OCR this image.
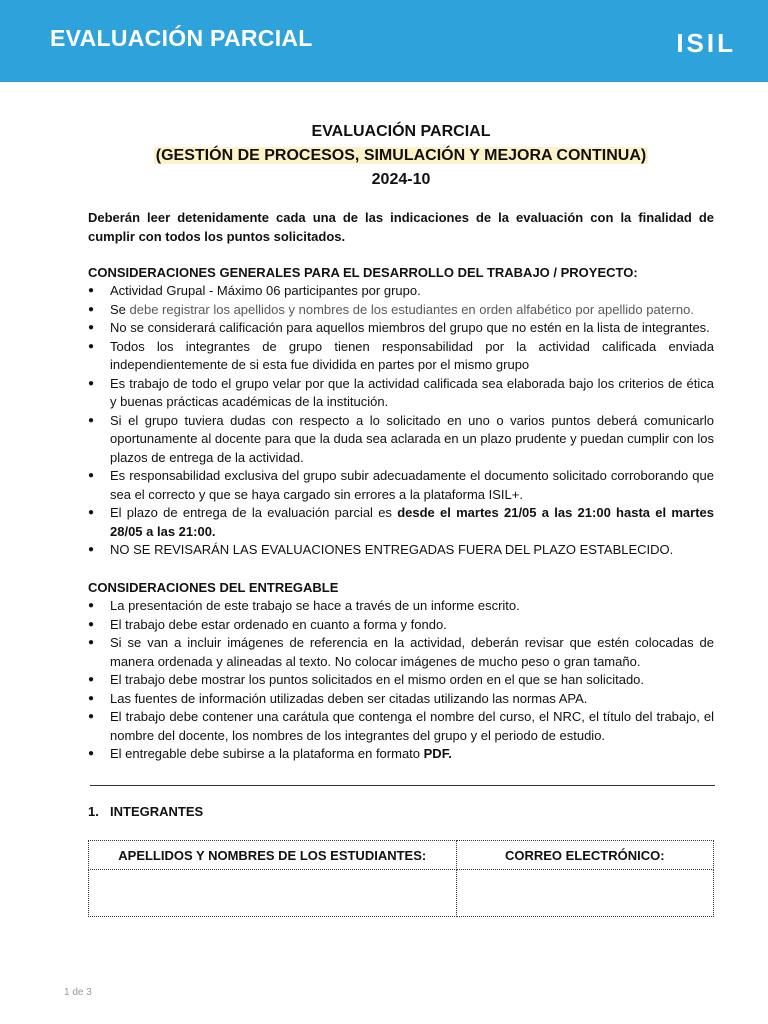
EVALUACIÓN PARCIAL	ISIL
EVALUACIÓN PARCIAL
(GESTIÓN DE PROCESOS, SIMULACIÓN Y MEJORA CONTINUA)
2024-10
Deberán leer detenidamente cada una de las indicaciones de la evaluación con la finalidad de cumplir con todos los puntos solicitados.
CONSIDERACIONES GENERALES PARA EL DESARROLLO DEL TRABAJO / PROYECTO:
● Actividad Grupal - Máximo 06 participantes por grupo.
● Se debe registrar los apellidos y nombres de los estudiantes en orden alfabético por apellido paterno.
● No se considerará calificación para aquellos miembros del grupo que no estén en la lista de integrantes.
● Todos los integrantes de grupo tienen responsabilidad por la actividad calificada enviada independientemente de si esta fue dividida en partes por el mismo grupo
● Es trabajo de todo el grupo velar por que la actividad calificada sea elaborada bajo los criterios de ética y buenas prácticas académicas de la institución.
● Si el grupo tuviera dudas con respecto a lo solicitado en uno o varios puntos deberá comunicarlo oportunamente al docente para que la duda sea aclarada en un plazo prudente y puedan cumplir con los plazos de entrega de la actividad.
● Es responsabilidad exclusiva del grupo subir adecuadamente el documento solicitado corroborando que sea el correcto y que se haya cargado sin errores a la plataforma ISIL+.
● El plazo de entrega de la evaluación parcial es desde el martes 21/05 a las 21:00 hasta el martes 28/05 a las 21:00.
● NO SE REVISARÁN LAS EVALUACIONES ENTREGADAS FUERA DEL PLAZO ESTABLECIDO.
CONSIDERACIONES DEL ENTREGABLE
● La presentación de este trabajo se hace a través de un informe escrito.
● El trabajo debe estar ordenado en cuanto a forma y fondo.
● Si se van a incluir imágenes de referencia en la actividad, deberán revisar que estén colocadas de manera ordenada y alineadas al texto. No colocar imágenes de mucho peso o gran tamaño.
● El trabajo debe mostrar los puntos solicitados en el mismo orden en el que se han solicitado.
● Las fuentes de información utilizadas deben ser citadas utilizando las normas APA.
● El trabajo debe contener una carátula que contenga el nombre del curso, el NRC, el título del trabajo, el nombre del docente, los nombres de los integrantes del grupo y el periodo de estudio.
● El entregable debe subirse a la plataforma en formato PDF.
1. INTEGRANTES
APELLIDOS Y NOMBRES DE LOS ESTUDIANTES:	CORREO ELECTRÓNICO:

1 de 3
